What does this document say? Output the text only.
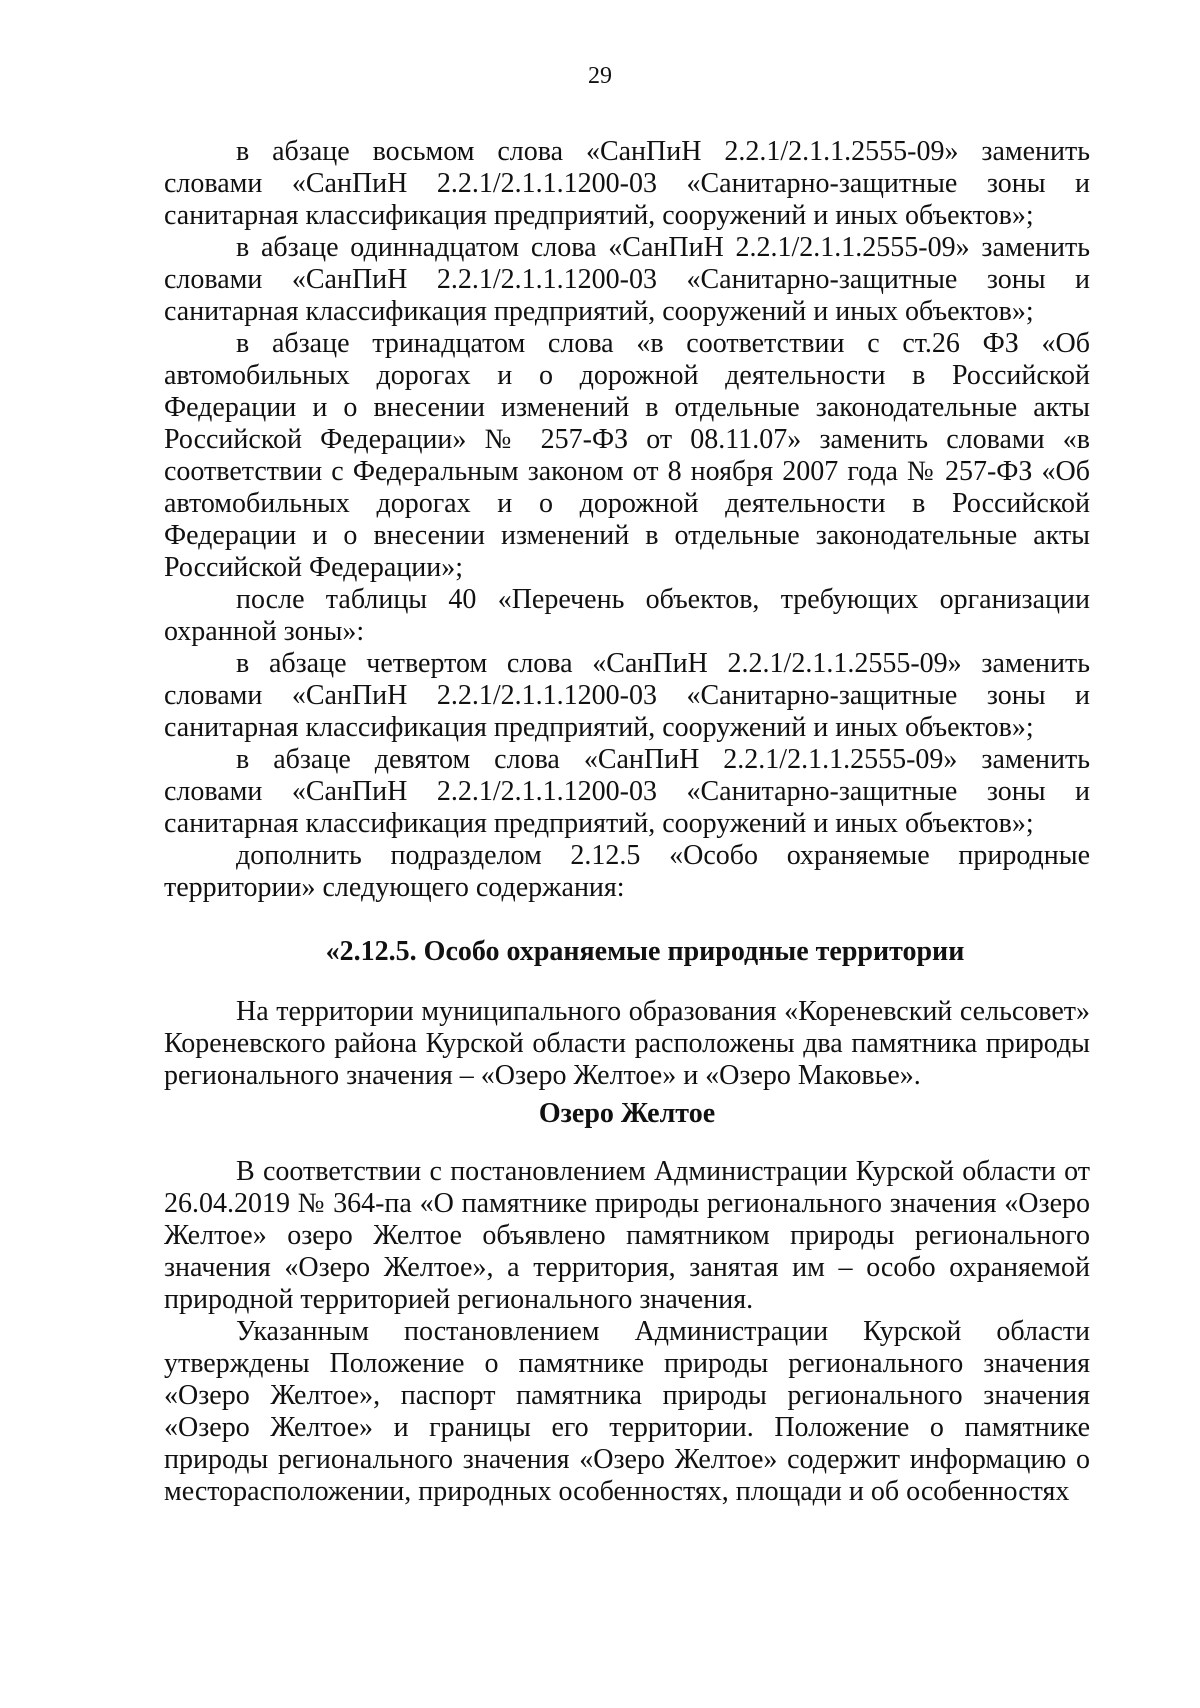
29

в абзаце восьмом слова «СанПиН 2.2.1/2.1.1.2555-09» заменить словами «СанПиН 2.2.1/2.1.1.1200-03 «Санитарно-защитные зоны и санитарная классификация предприятий, сооружений и иных объектов»;

в абзаце одиннадцатом слова «СанПиН 2.2.1/2.1.1.2555-09» заменить словами «СанПиН 2.2.1/2.1.1.1200-03 «Санитарно-защитные зоны и санитарная классификация предприятий, сооружений и иных объектов»;

в абзаце тринадцатом слова «в соответствии с ст.26 ФЗ «Об автомобильных дорогах и о дорожной деятельности в Российской Федерации и о внесении изменений в отдельные законодательные акты Российской Федерации» № 257-ФЗ от 08.11.07» заменить словами «в соответствии с Федеральным законом от 8 ноября 2007 года № 257-ФЗ «Об автомобильных дорогах и о дорожной деятельности в Российской Федерации и о внесении изменений в отдельные законодательные акты Российской Федерации»;

после таблицы 40 «Перечень объектов, требующих организации охранной зоны»:

в абзаце четвертом слова «СанПиН 2.2.1/2.1.1.2555-09» заменить словами «СанПиН 2.2.1/2.1.1.1200-03 «Санитарно-защитные зоны и санитарная классификация предприятий, сооружений и иных объектов»;

в абзаце девятом слова «СанПиН 2.2.1/2.1.1.2555-09» заменить словами «СанПиН 2.2.1/2.1.1.1200-03 «Санитарно-защитные зоны и санитарная классификация предприятий, сооружений и иных объектов»;

дополнить подразделом 2.12.5 «Особо охраняемые природные территории» следующего содержания:

«2.12.5. Особо охраняемые природные территории

На территории муниципального образования «Кореневский сельсовет» Кореневского района Курской области расположены два памятника природы регионального значения – «Озеро Желтое» и «Озеро Маковье».

Озеро Желтое

В соответствии с постановлением Администрации Курской области от 26.04.2019 № 364-па «О памятнике природы регионального значения «Озеро Желтое» озеро Желтое объявлено памятником природы регионального значения «Озеро Желтое», а территория, занятая им – особо охраняемой природной территорией регионального значения.

Указанным постановлением Администрации Курской области утверждены Положение о памятнике природы регионального значения «Озеро Желтое», паспорт памятника природы регионального значения «Озеро Желтое» и границы его территории. Положение о памятнике природы регионального значения «Озеро Желтое» содержит информацию о месторасположении, природных особенностях, площади и об особенностях
